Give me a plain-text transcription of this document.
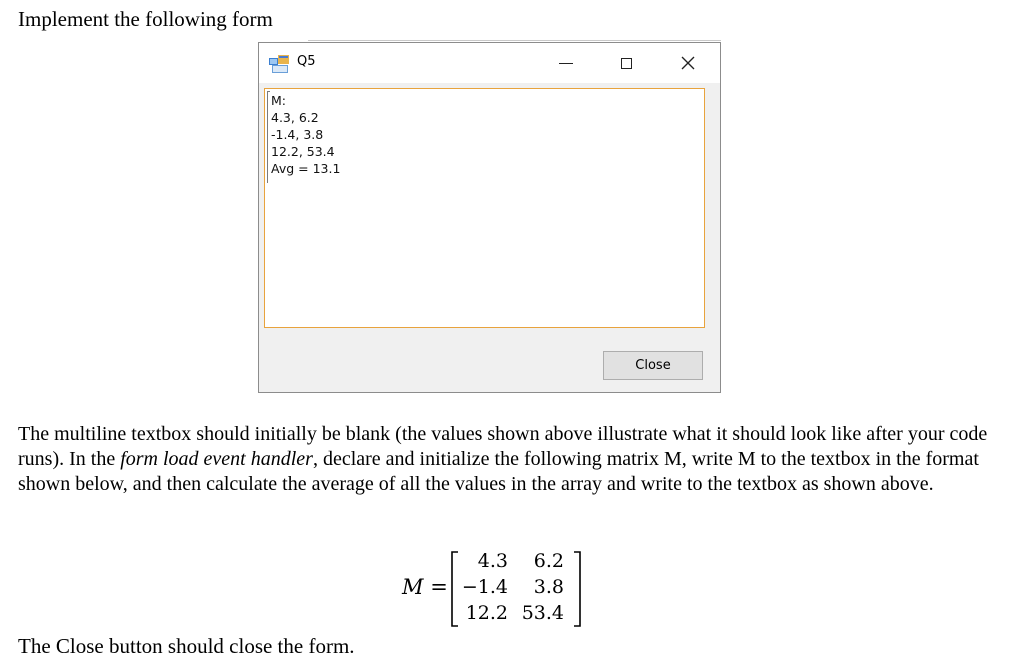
Implement the following form
Q5
M:
4.3, 6.2
-1.4, 3.8
12.2, 53.4
Avg = 13.1
Close

The multiline textbox should initially be blank (the values shown above illustrate what it should look like after your code runs). In the form load event handler, declare and initialize the following matrix M, write M to the textbox in the format shown below, and then calculate the average of all the values in the array and write to the textbox as shown above.

M =
4.3	6.2
−1.4	3.8
12.2 53.4

The Close button should close the form.
